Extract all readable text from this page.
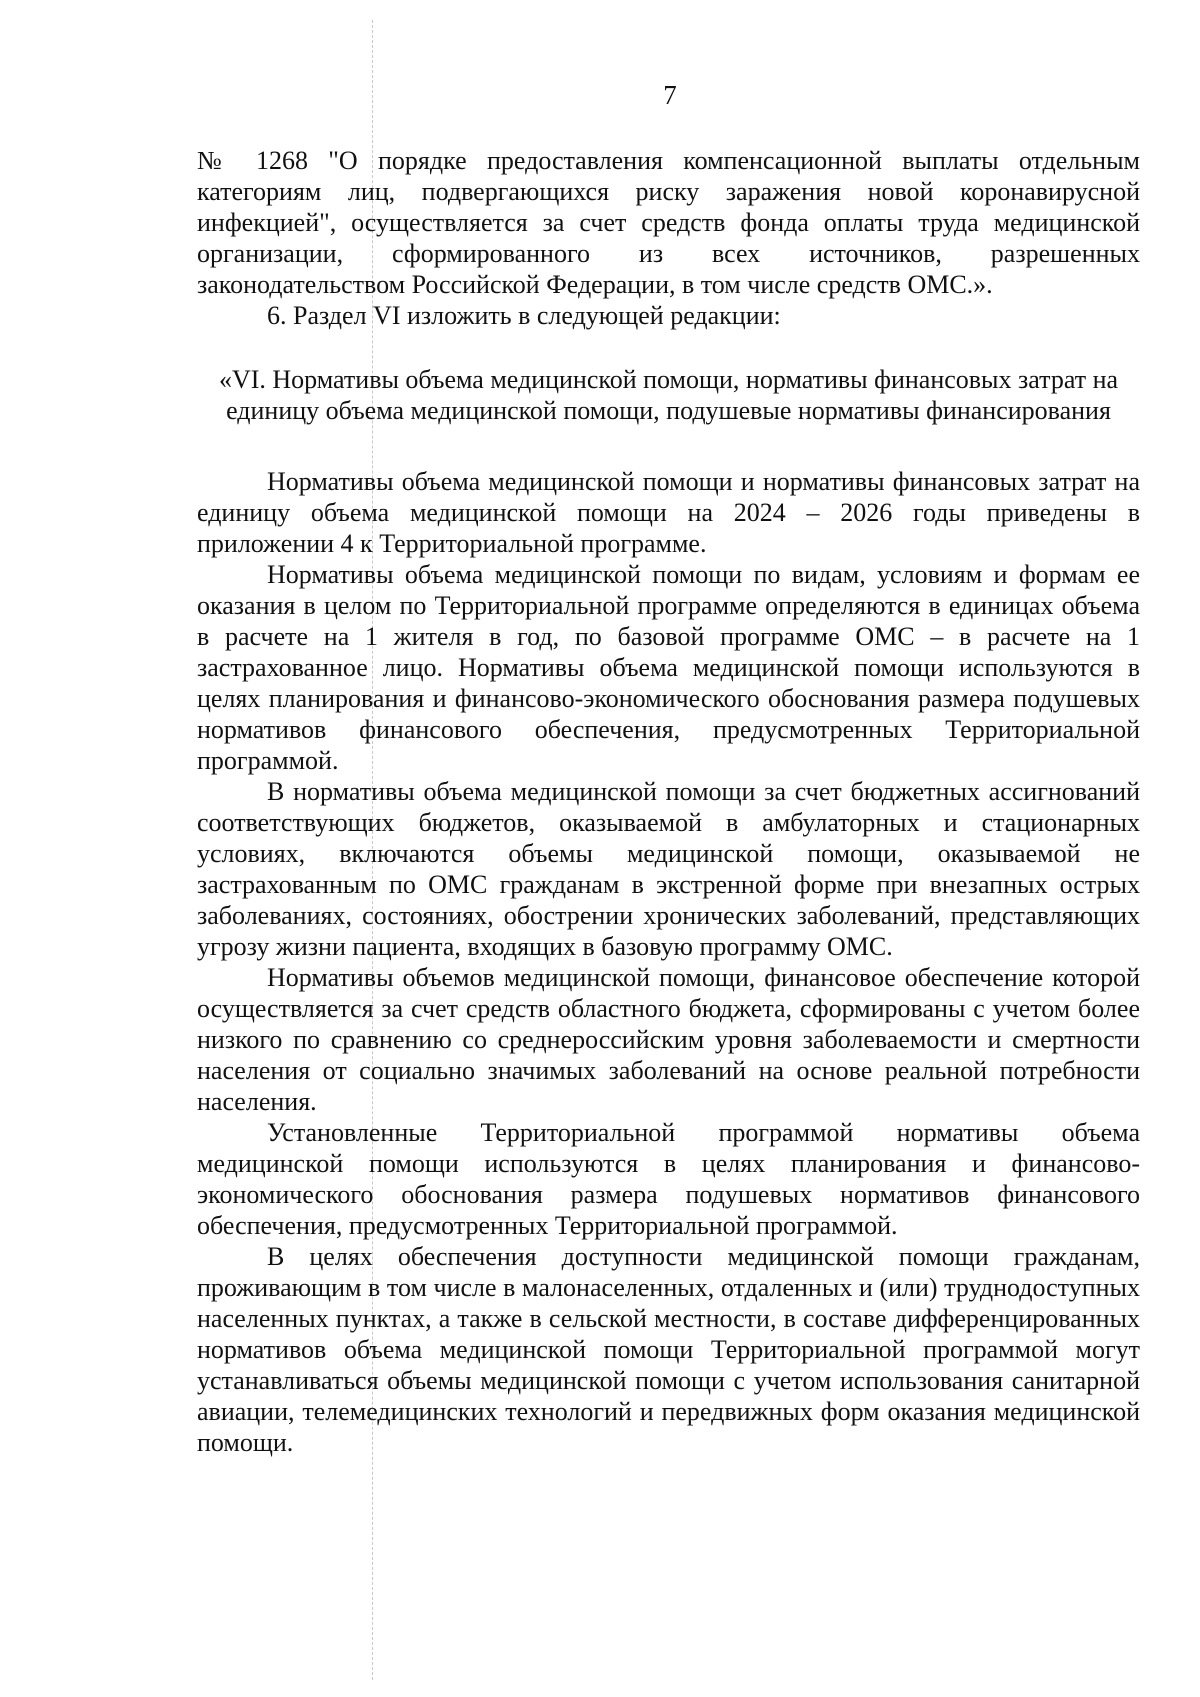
7

№ 1268 "О порядке предоставления компенсационной выплаты отдельным категориям лиц, подвергающихся риску заражения новой коронавирусной инфекцией", осуществляется за счет средств фонда оплаты труда медицинской организации, сформированного из всех источников, разрешенных законодательством Российской Федерации, в том числе средств ОМС.».

6. Раздел VI изложить в следующей редакции:

«VI. Нормативы объема медицинской помощи, нормативы финансовых затрат на единицу объема медицинской помощи, подушевые нормативы финансирования

Нормативы объема медицинской помощи и нормативы финансовых затрат на единицу объема медицинской помощи на 2024 – 2026 годы приведены в приложении 4 к Территориальной программе.

Нормативы объема медицинской помощи по видам, условиям и формам ее оказания в целом по Территориальной программе определяются в единицах объема в расчете на 1 жителя в год, по базовой программе ОМС – в расчете на 1 застрахованное лицо. Нормативы объема медицинской помощи используются в целях планирования и финансово-экономического обоснования размера подушевых нормативов финансового обеспечения, предусмотренных Территориальной программой.

В нормативы объема медицинской помощи за счет бюджетных ассигнований соответствующих бюджетов, оказываемой в амбулаторных и стационарных условиях, включаются объемы медицинской помощи, оказываемой не застрахованным по ОМС гражданам в экстренной форме при внезапных острых заболеваниях, состояниях, обострении хронических заболеваний, представляющих угрозу жизни пациента, входящих в базовую программу ОМС.

Нормативы объемов медицинской помощи, финансовое обеспечение которой осуществляется за счет средств областного бюджета, сформированы с учетом более низкого по сравнению со среднероссийским уровня заболеваемости и смертности населения от социально значимых заболеваний на основе реальной потребности населения.

Установленные Территориальной программой нормативы объема медицинской помощи используются в целях планирования и финансово-экономического обоснования размера подушевых нормативов финансового обеспечения, предусмотренных Территориальной программой.

В целях обеспечения доступности медицинской помощи гражданам, проживающим в том числе в малонаселенных, отдаленных и (или) труднодоступных населенных пунктах, а также в сельской местности, в составе дифференцированных нормативов объема медицинской помощи Территориальной программой могут устанавливаться объемы медицинской помощи с учетом использования санитарной авиации, телемедицинских технологий и передвижных форм оказания медицинской помощи.
